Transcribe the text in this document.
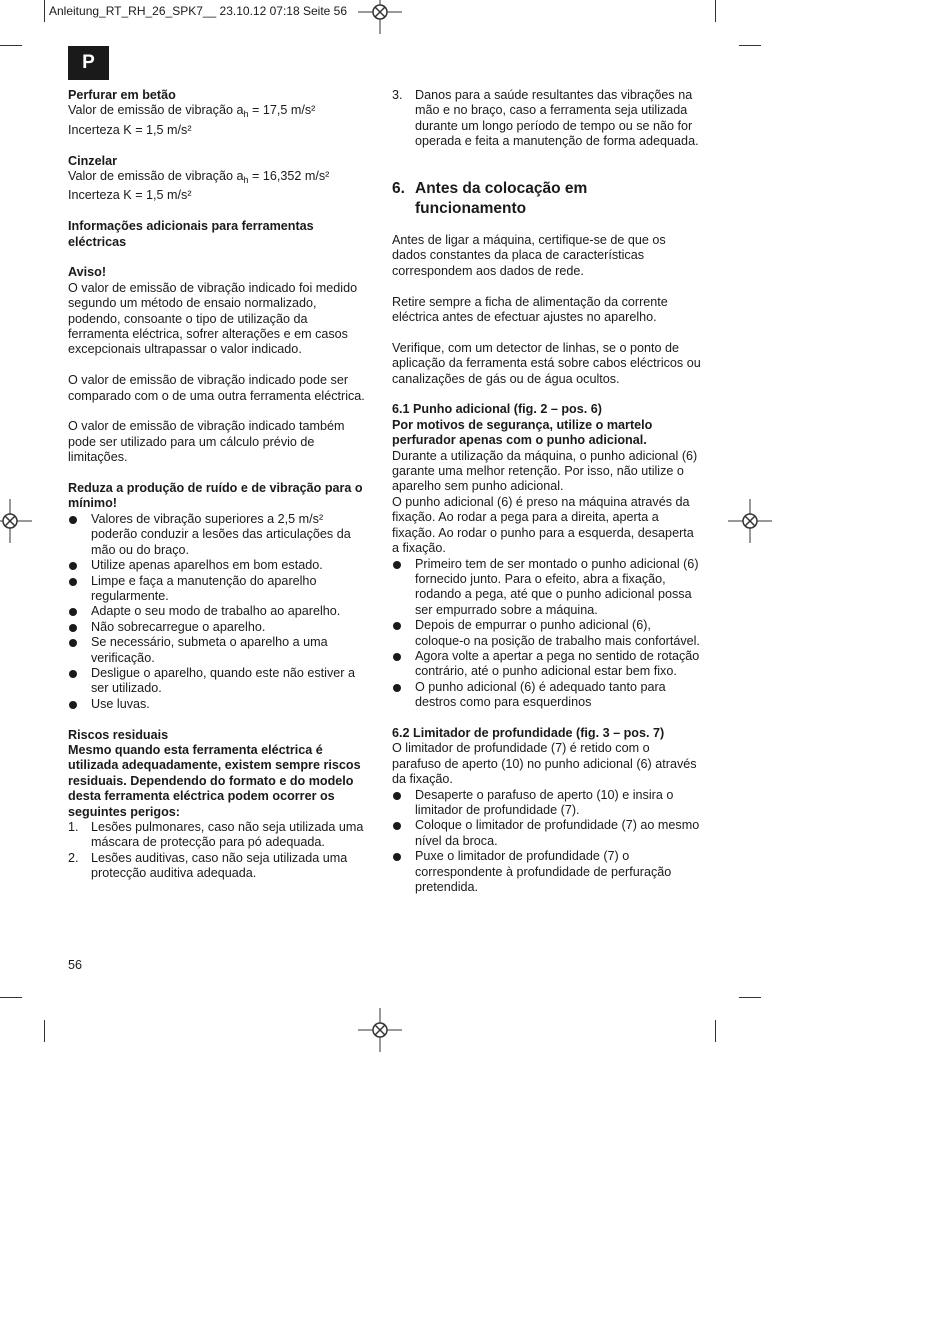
Anleitung_RT_RH_26_SPK7__ 23.10.12 07:18 Seite 56
P

Perfurar em betão

Valor de emissão de vibração $a_h = 17,5$ m/s²

Incerteza K = 1,5 m/s²

Cinzelar

Valor de emissão de vibração $a_h = 16,352$ m/s²

Incerteza K = 1,5 m/s²

Informações adicionais para ferramentas eléctricas

Aviso!

O valor de emissão de vibração indicado foi medido segundo um método de ensaio normalizado, podendo, consoante o tipo de utilização da ferramenta eléctrica, sofrer alterações e em casos excepcionais ultrapassar o valor indicado.

O valor de emissão de vibração indicado pode ser comparado com o de uma outra ferramenta eléctrica.

O valor de emissão de vibração indicado também pode ser utilizado para um cálculo prévio de limitações.

Reduza a produção de ruído e de vibração para o mínimo!

Valores de vibração superiores a 2,5 m/s² poderão conduzir a lesões das articulações da mão ou do braço.
Utilize apenas aparelhos em bom estado.
Limpe e faça a manutenção do aparelho regularmente.
Adapte o seu modo de trabalho ao aparelho.
Não sobrecarregue o aparelho.
Se necessário, submeta o aparelho a uma verificação.
Desligue o aparelho, quando este não estiver a ser utilizado.
Use luvas.

Riscos residuais

Mesmo quando esta ferramenta eléctrica é utilizada adequadamente, existem sempre riscos residuais. Dependendo do formato e do modelo desta ferramenta eléctrica podem ocorrer os seguintes perigos:

1. Lesões pulmonares, caso não seja utilizada uma máscara de protecção para pó adequada.
2. Lesões auditivas, caso não seja utilizada uma protecção auditiva adequada.
3. Danos para a saúde resultantes das vibrações na mão e no braço, caso a ferramenta seja utilizada durante um longo período de tempo ou se não for operada e feita a manutenção de forma adequada.
6. Antes da colocação em funcionamento

Antes de ligar a máquina, certifique-se de que os dados constantes da placa de características correspondem aos dados de rede.

Retire sempre a ficha de alimentação da corrente eléctrica antes de efectuar ajustes no aparelho.

Verifique, com um detector de linhas, se o ponto de aplicação da ferramenta está sobre cabos eléctricos ou canalizações de gás ou de água ocultos.

6.1 Punho adicional (fig. 2 – pos. 6)

Por motivos de segurança, utilize o martelo perfurador apenas com o punho adicional.

Durante a utilização da máquina, o punho adicional (6) garante uma melhor retenção. Por isso, não utilize o aparelho sem punho adicional.

O punho adicional (6) é preso na máquina através da fixação. Ao rodar a pega para a direita, aperta a fixação. Ao rodar o punho para a esquerda, desaperta a fixação.

Primeiro tem de ser montado o punho adicional (6) fornecido junto. Para o efeito, abra a fixação, rodando a pega, até que o punho adicional possa ser empurrado sobre a máquina.
Depois de empurrar o punho adicional (6), coloque-o na posição de trabalho mais confortável.
Agora volte a apertar a pega no sentido de rotação contrário, até o punho adicional estar bem fixo.
O punho adicional (6) é adequado tanto para destros como para esquerdinos

6.2 Limitador de profundidade (fig. 3 – pos. 7)

O limitador de profundidade (7) é retido com o parafuso de aperto (10) no punho adicional (6) através da fixação.

Desaperte o parafuso de aperto (10) e insira o limitador de profundidade (7).
Coloque o limitador de profundidade (7) ao mesmo nível da broca.
Puxe o limitador de profundidade (7) o correspondente à profundidade de perfuração pretendida.
56
